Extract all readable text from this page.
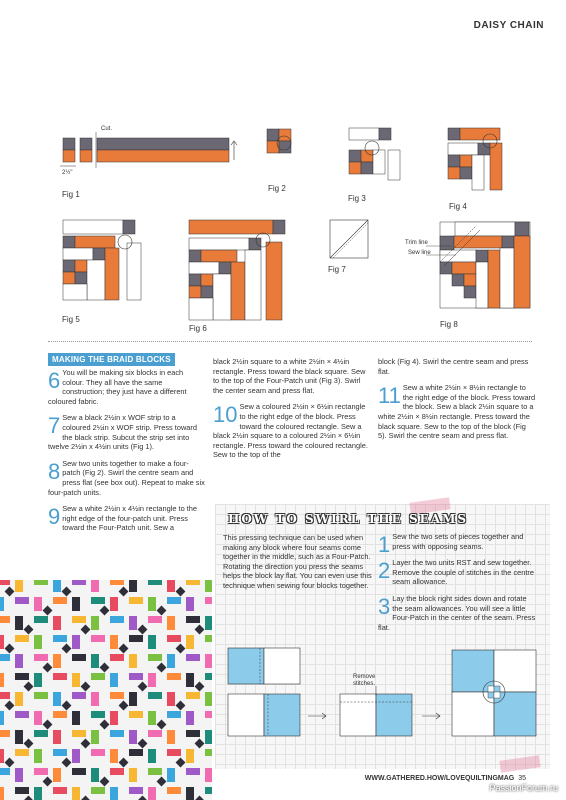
DAISY CHAIN
Fig 1
Cut.
2½"
Fig 2
Fig 3
Fig 4
Fig 5
Fig 6
Fig 7
Fig 8
Trim line
Sew line
MAKING THE BRAID BLOCKS

6 You will be making six blocks in each colour. They all have the same construction; they just have a different coloured fabric.

7 Sew a black 2½in x WOF strip to a coloured 2½in x WOF strip. Press toward the black strip. Subcut the strip set into twelve 2½in x 4½in units (Fig 1).

8 Sew two units together to make a four-patch (Fig 2). Swirl the centre seam and press flat (see box out). Repeat to make six four-patch units.

9 Sew a white 2½in x 4½in rectangle to the right edge of the four-patch unit. Press toward the Four-Patch unit. Sew a

black 2½in square to a white 2½in × 4½in rectangle. Press toward the black square. Sew to the top of the Four-Patch unit (Fig 3). Swirl the center seam and press flat.

10 Sew a coloured 2½in × 6½in rectangle to the right edge of the block. Press toward the coloured rectangle. Sew a black 2½in square to a coloured 2½in × 6½in rectangle. Press toward the coloured rectangle. Sew to the top of the

block (Fig 4). Swirl the centre seam and press flat.

11 Sew a white 2½in × 8½in rectangle to the right edge of the block. Press toward the block. Sew a black 2½in square to a white 2½in × 8½in rectangle. Press toward the black square. Sew to the top of the block (Fig 5). Swirl the centre seam and press flat.

HOW TO SWIRL THE SEAMS
This pressing technique can be used when making any block where four seams come together in the middle, such as a Four-Patch. Rotating the direction you press the seams helps the block lay flat. You can even use this technique when sewing four blocks together.

1 Sew the two sets of pieces together and press with opposing seams.

2 Layer the two units RST and sew together. Remove the couple of stitches in the centre seam allowance.

3 Lay the block right sides down and rotate the seam allowances. You will see a little Four-Patch in the center of the seam. Press flat.

Remove stitches.
WWW.GATHERED.HOW/LOVEQUILTINGMAG 35
PassionForum.ru
